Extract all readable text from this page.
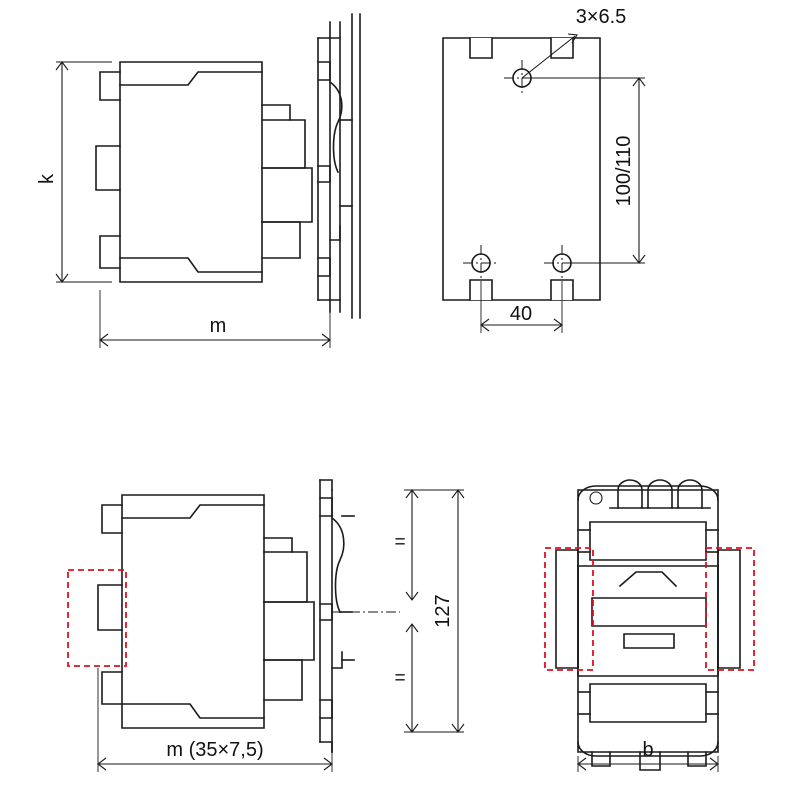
k
m
3×6.5
100/110
40
=
=
127
m (35×7,5)	b
